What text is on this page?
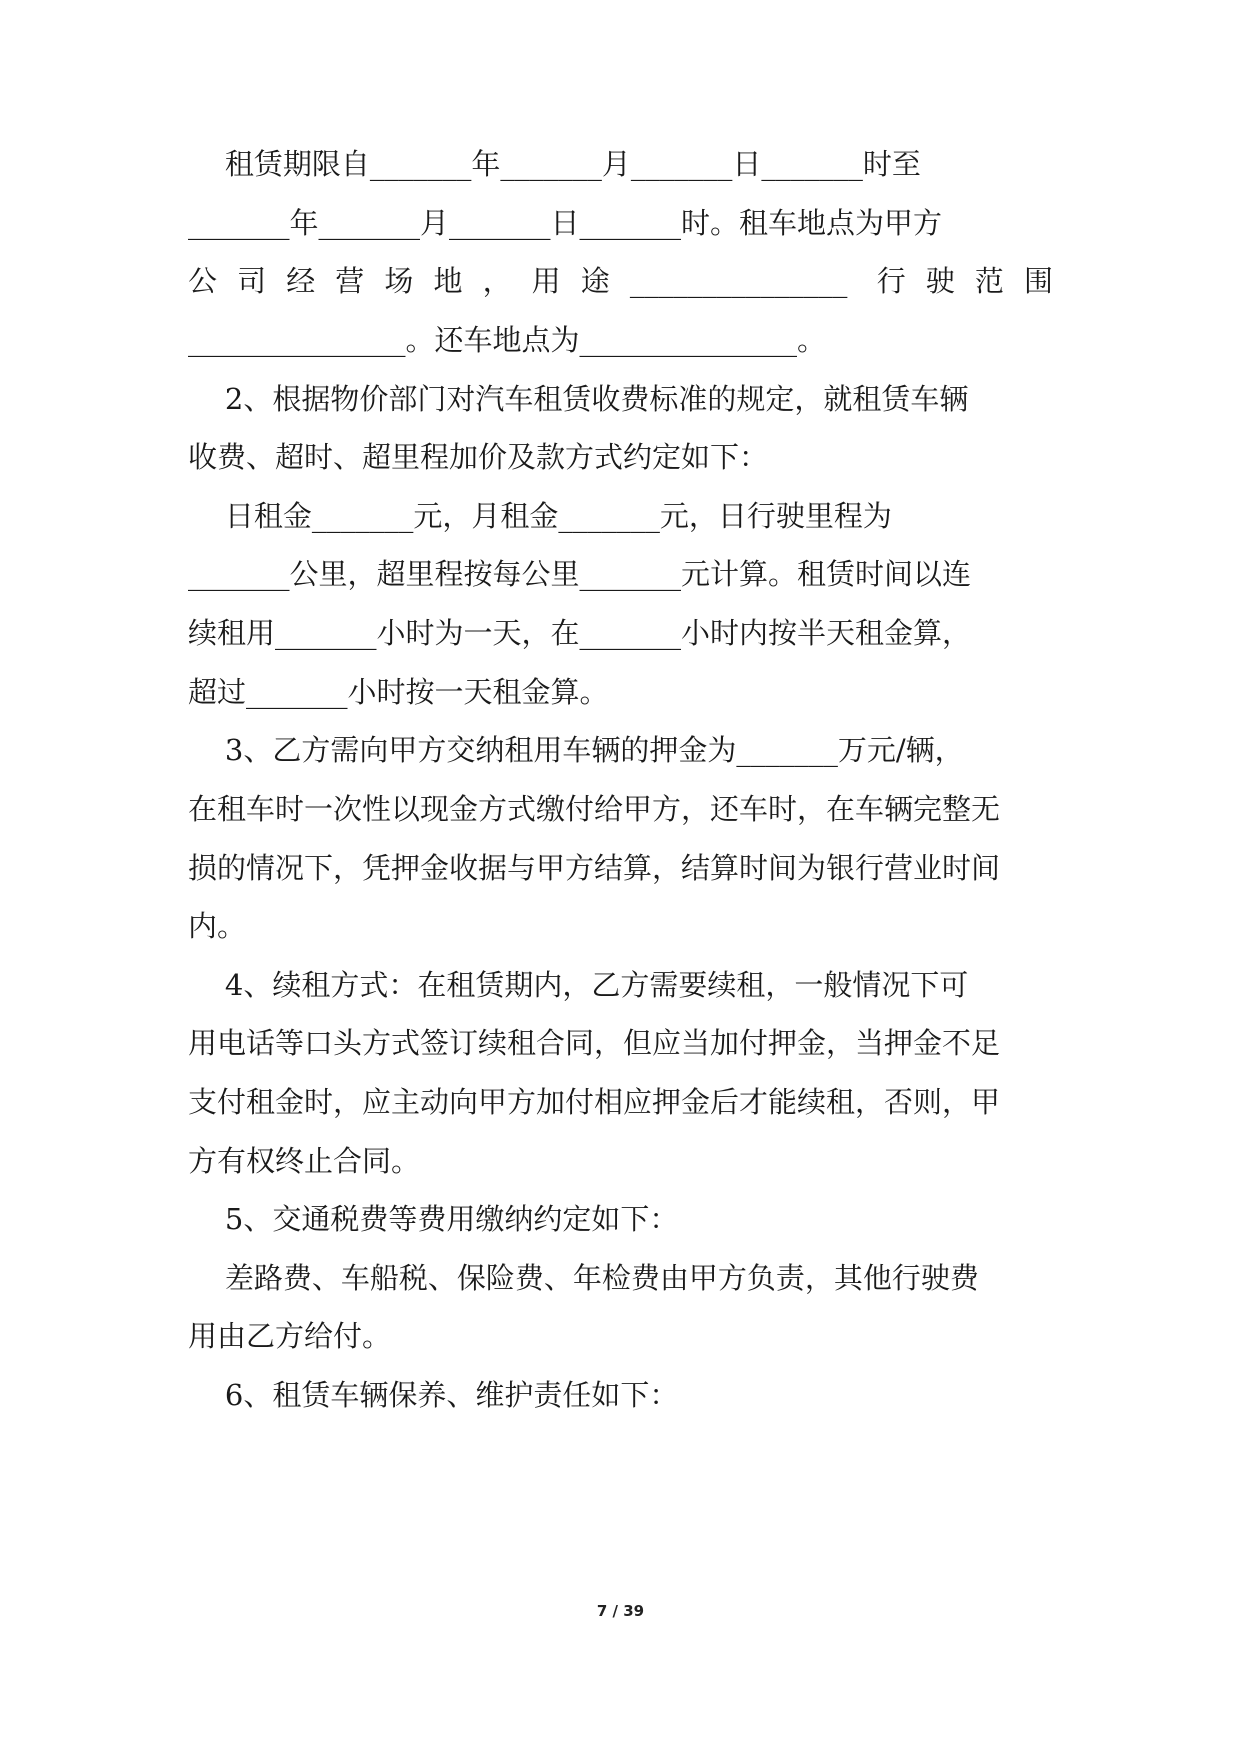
租赁期限自_______年_______月_______日_______时至
_______年_______月_______日_______时。租车地点为甲方
公司经营场地，用途_______________ 行驶范围
_______________。还车地点为_______________。
2、根据物价部门对汽车租赁收费标准的规定，就租赁车辆
收费、超时、超里程加价及款方式约定如下：
日租金_______元，月租金_______元，日行驶里程为
_______公里，超里程按每公里_______元计算。租赁时间以连
续租用_______小时为一天，在_______小时内按半天租金算，
超过_______小时按一天租金算。
3、乙方需向甲方交纳租用车辆的押金为_______万元/辆，
在租车时一次性以现金方式缴付给甲方，还车时，在车辆完整无
损的情况下，凭押金收据与甲方结算，结算时间为银行营业时间
内。
4、续租方式：在租赁期内，乙方需要续租，一般情况下可
用电话等口头方式签订续租合同，但应当加付押金，当押金不足
支付租金时，应主动向甲方加付相应押金后才能续租，否则，甲
方有权终止合同。
5、交通税费等费用缴纳约定如下：
差路费、车船税、保险费、年检费由甲方负责，其他行驶费
用由乙方给付。
6、租赁车辆保养、维护责任如下：
7 / 39
